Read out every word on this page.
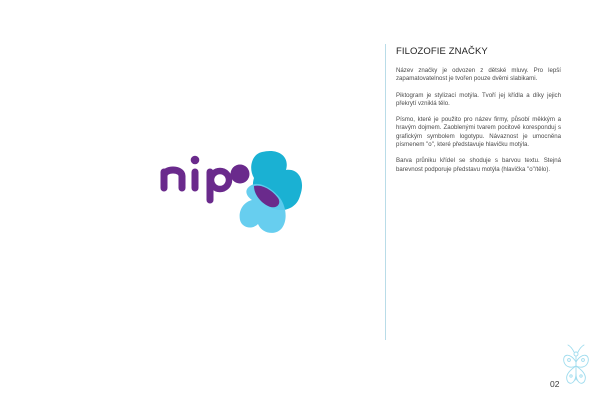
FILOZOFIE ZNAČKY

Název značky je odvozen z dětské mluvy. Pro lepší zapamatovatelnost je tvořen pouze dvěmi slabikami.

Piktogram je stylizací motýla. Tvoří jej křídla a díky jejich překrytí vzniklá tělo.

Písmo, které je použito pro název firmy, působí měkkým a hravým dojmem. Zaoblenými tvarem pocitově koresponduj s grafickým symbolem logotypu. Návaznost je umocněna písmenem "o", které představuje hlavičku motýla.

Barva průniku křídel se shoduje s barvou textu. Stejná barevnost podporuje představu motýla (hlavička "o"/tělo).

02
